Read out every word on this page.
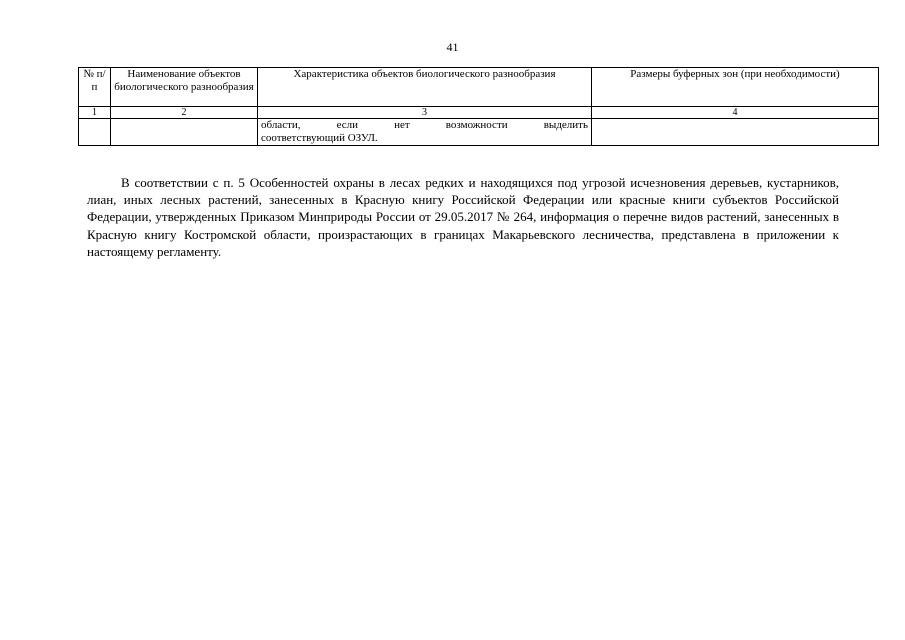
41
№ п/п	Наименование объектов биологического разнообразия	Характеристика объектов биологического разнообразия	Размеры буферных зон (при необходимости)
1	2	3	4

		области, если нет возможности выделить
соответствующий ОЗУЛ.	

В соответствии с п. 5 Особенностей охраны в лесах редких и находящихся под угрозой исчезновения деревьев, кустарников, лиан, иных лесных растений, занесенных в Красную книгу Российской Федерации или красные книги субъектов Российской Федерации, утвержденных Приказом Минприроды России от 29.05.2017 № 264, информация о перечне видов растений, занесенных в Красную книгу Костромской области, произрастающих в границах Макарьевского лесничества, представлена в приложении к настоящему регламенту.
